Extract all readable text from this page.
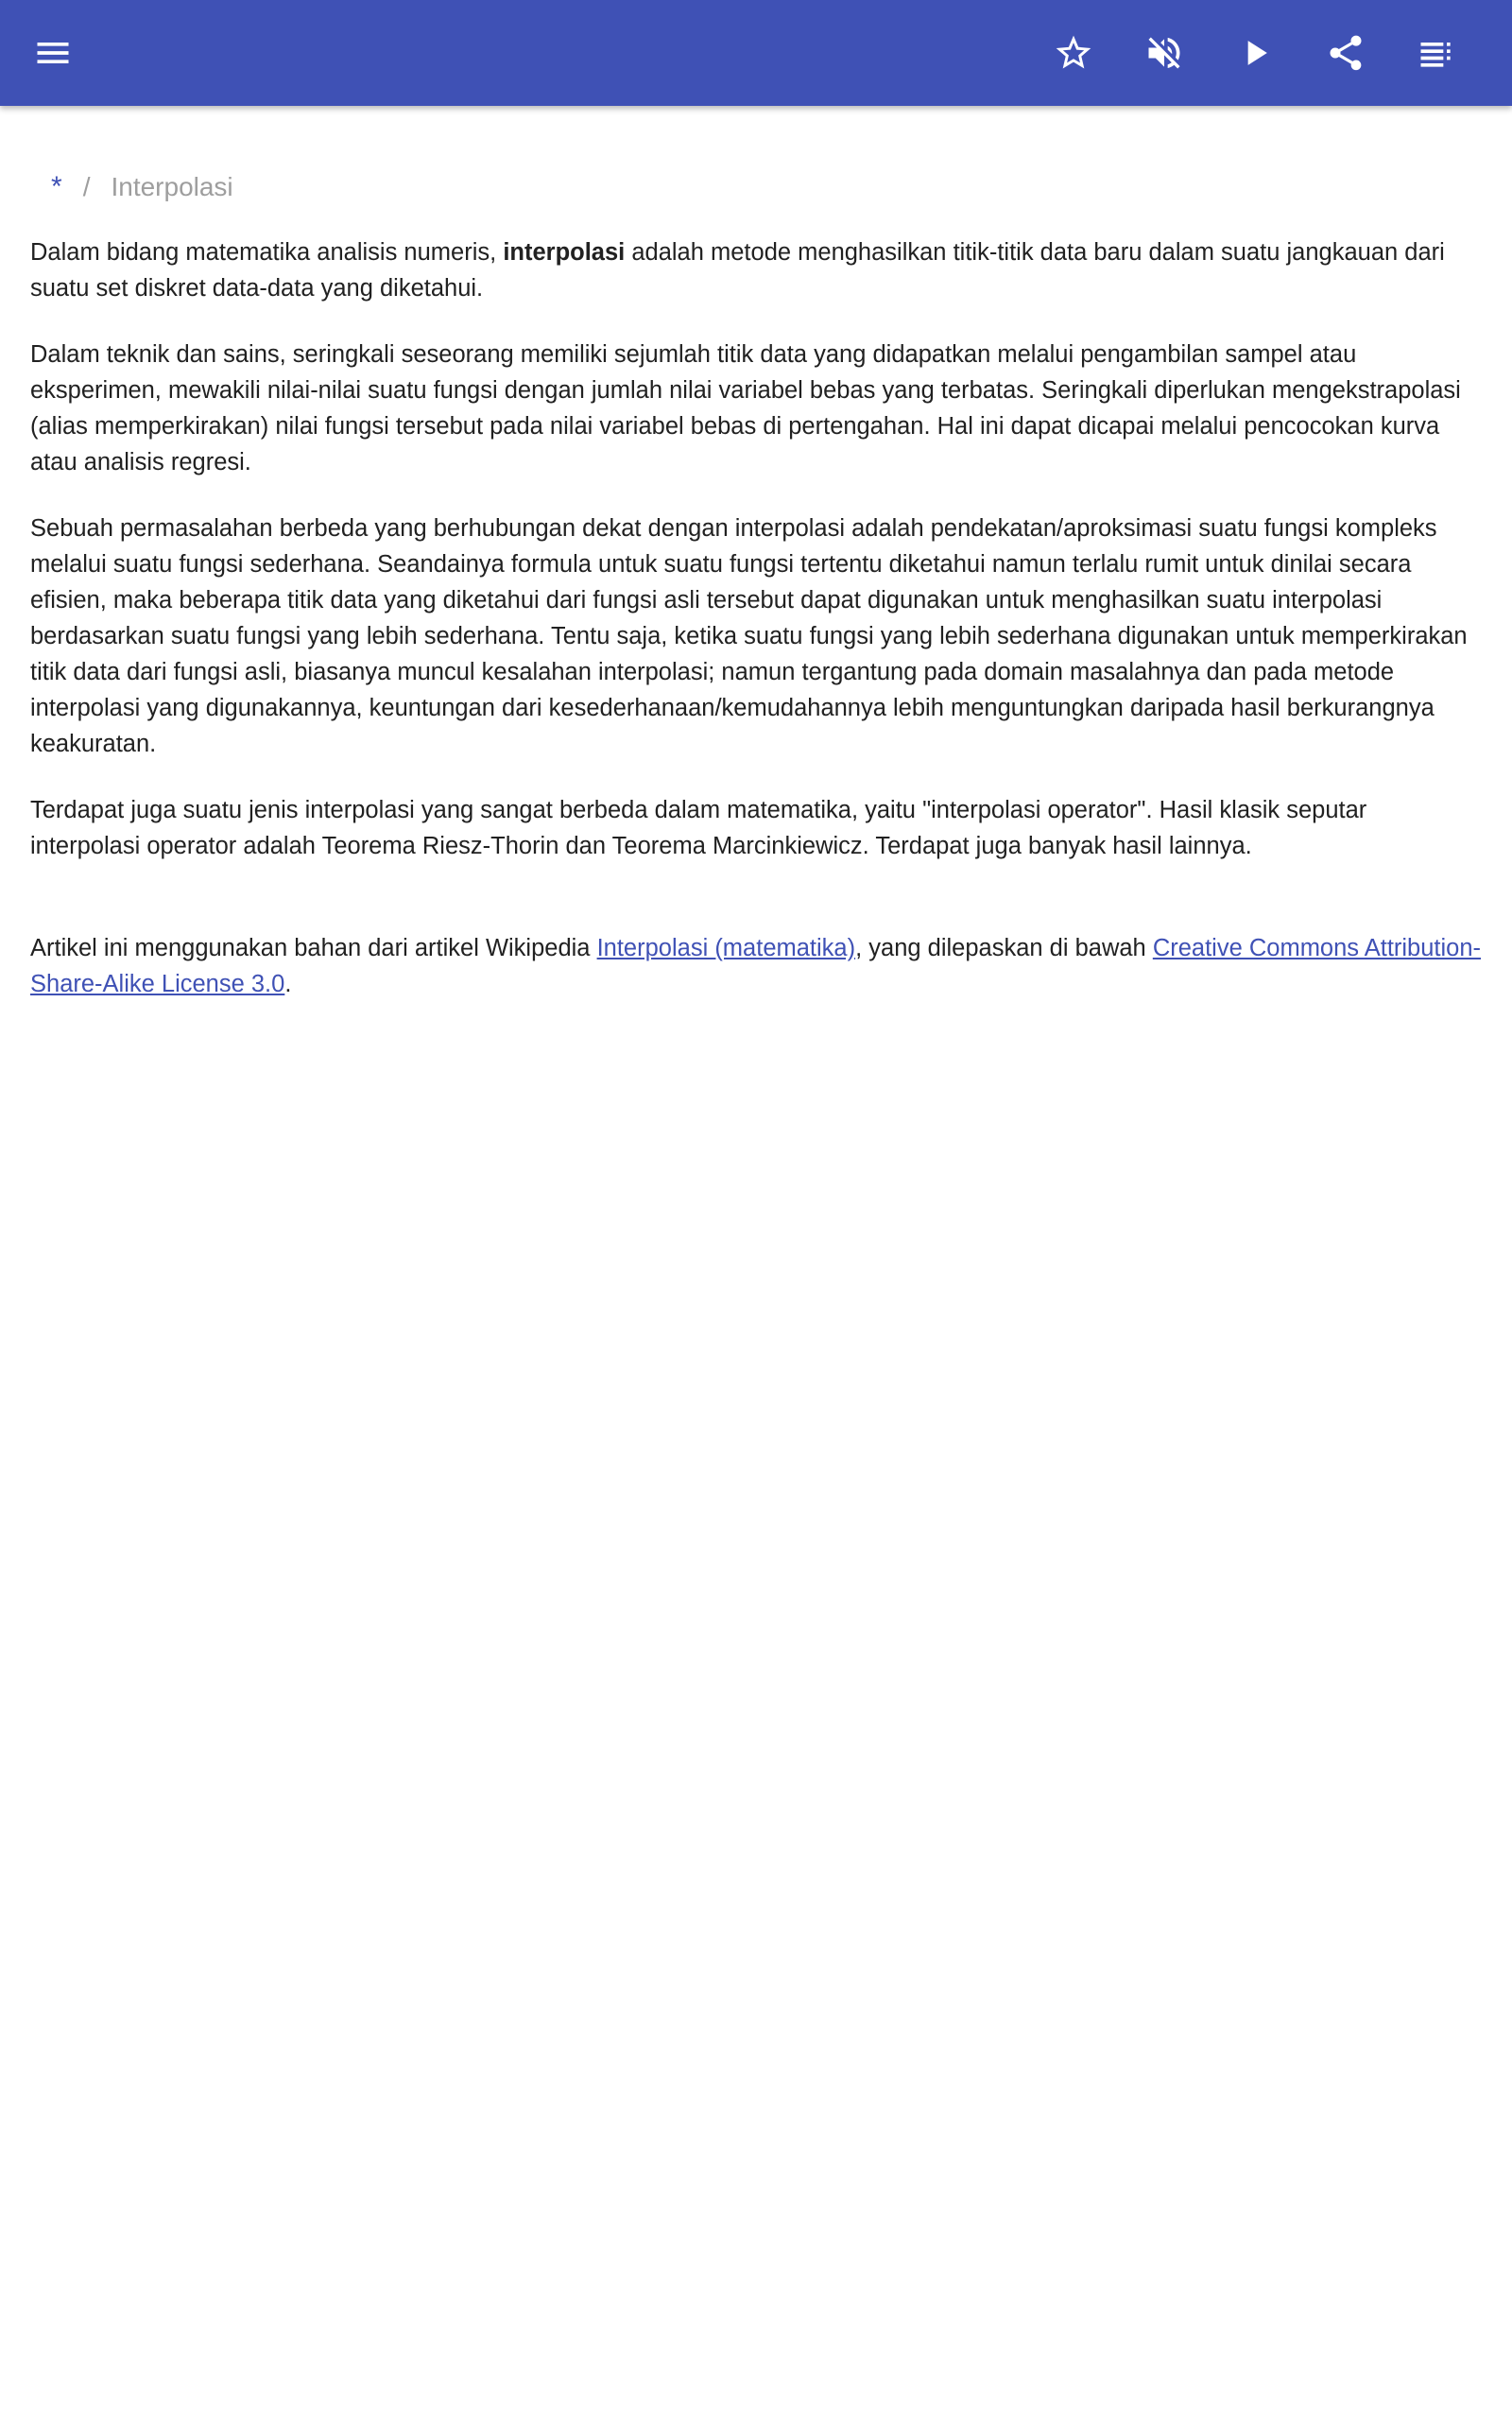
* / Interpolasi

Dalam bidang matematika analisis numeris, interpolasi adalah metode menghasilkan titik-titik data baru dalam suatu jangkauan dari suatu set diskret data-data yang diketahui.

Dalam teknik dan sains, seringkali seseorang memiliki sejumlah titik data yang didapatkan melalui pengambilan sampel atau eksperimen, mewakili nilai-nilai suatu fungsi dengan jumlah nilai variabel bebas yang terbatas. Seringkali diperlukan mengekstrapolasi (alias memperkirakan) nilai fungsi tersebut pada nilai variabel bebas di pertengahan. Hal ini dapat dicapai melalui pencocokan kurva atau analisis regresi.

Sebuah permasalahan berbeda yang berhubungan dekat dengan interpolasi adalah pendekatan/aproksimasi suatu fungsi kompleks melalui suatu fungsi sederhana. Seandainya formula untuk suatu fungsi tertentu diketahui namun terlalu rumit untuk dinilai secara efisien, maka beberapa titik data yang diketahui dari fungsi asli tersebut dapat digunakan untuk menghasilkan suatu interpolasi berdasarkan suatu fungsi yang lebih sederhana. Tentu saja, ketika suatu fungsi yang lebih sederhana digunakan untuk memperkirakan titik data dari fungsi asli, biasanya muncul kesalahan interpolasi; namun tergantung pada domain masalahnya dan pada metode interpolasi yang digunakannya, keuntungan dari kesederhanaan/kemudahannya lebih menguntungkan daripada hasil berkurangnya keakuratan.

Terdapat juga suatu jenis interpolasi yang sangat berbeda dalam matematika, yaitu "interpolasi operator". Hasil klasik seputar interpolasi operator adalah Teorema Riesz-Thorin dan Teorema Marcinkiewicz. Terdapat juga banyak hasil lainnya.

Artikel ini menggunakan bahan dari artikel Wikipedia Interpolasi (matematika), yang dilepaskan di bawah Creative Commons Attribution-Share-Alike License 3.0.
